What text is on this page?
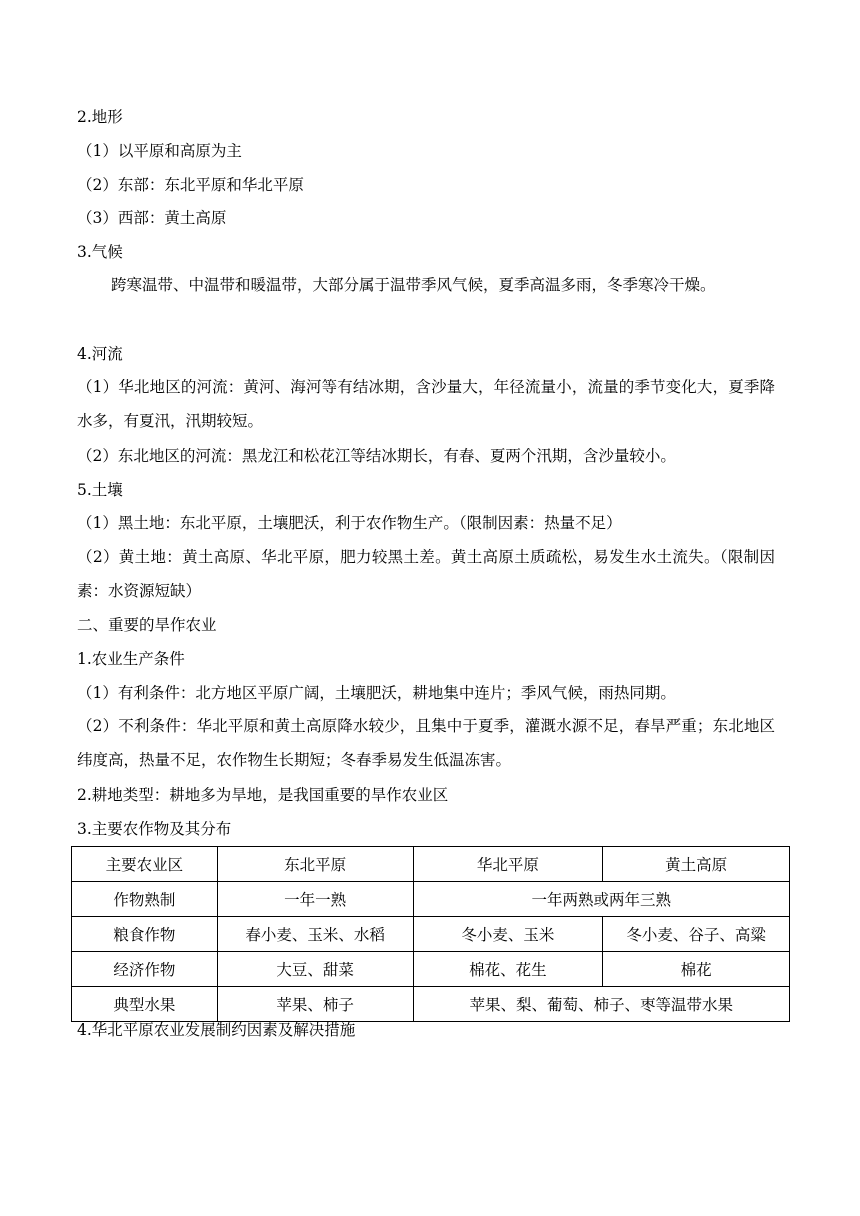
2.地形
（1）以平原和高原为主
（2）东部：东北平原和华北平原
（3）西部：黄土高原
3.气候
跨寒温带、中温带和暖温带，大部分属于温带季风气候，夏季高温多雨，冬季寒冷干燥。
4.河流
（1）华北地区的河流：黄河、海河等有结冰期，含沙量大，年径流量小，流量的季节变化大，夏季降水多，有夏汛，汛期较短。
（2）东北地区的河流：黑龙江和松花江等结冰期长，有春、夏两个汛期，含沙量较小。
5.土壤
（1）黑土地：东北平原，土壤肥沃，利于农作物生产。（限制因素：热量不足）
（2）黄土地：黄土高原、华北平原，肥力较黑土差。黄土高原土质疏松，易发生水土流失。（限制因素：水资源短缺）
二、重要的旱作农业
1.农业生产条件
（1）有利条件：北方地区平原广阔，土壤肥沃，耕地集中连片；季风气候，雨热同期。
（2）不利条件：华北平原和黄土高原降水较少，且集中于夏季，灌溉水源不足，春旱严重；东北地区纬度高，热量不足，农作物生长期短；冬春季易发生低温冻害。
2.耕地类型：耕地多为旱地，是我国重要的旱作农业区
3.主要农作物及其分布
主要农业区	东北平原	华北平原	黄土高原
作物熟制	一年一熟	一年两熟或两年三熟	
粮食作物	春小麦、玉米、水稻	冬小麦、玉米	冬小麦、谷子、高粱
经济作物	大豆、甜菜	棉花、花生	棉花
典型水果	苹果、柿子	苹果、梨、葡萄、柿子、枣等温带水果	
4.华北平原农业发展制约因素及解决措施
